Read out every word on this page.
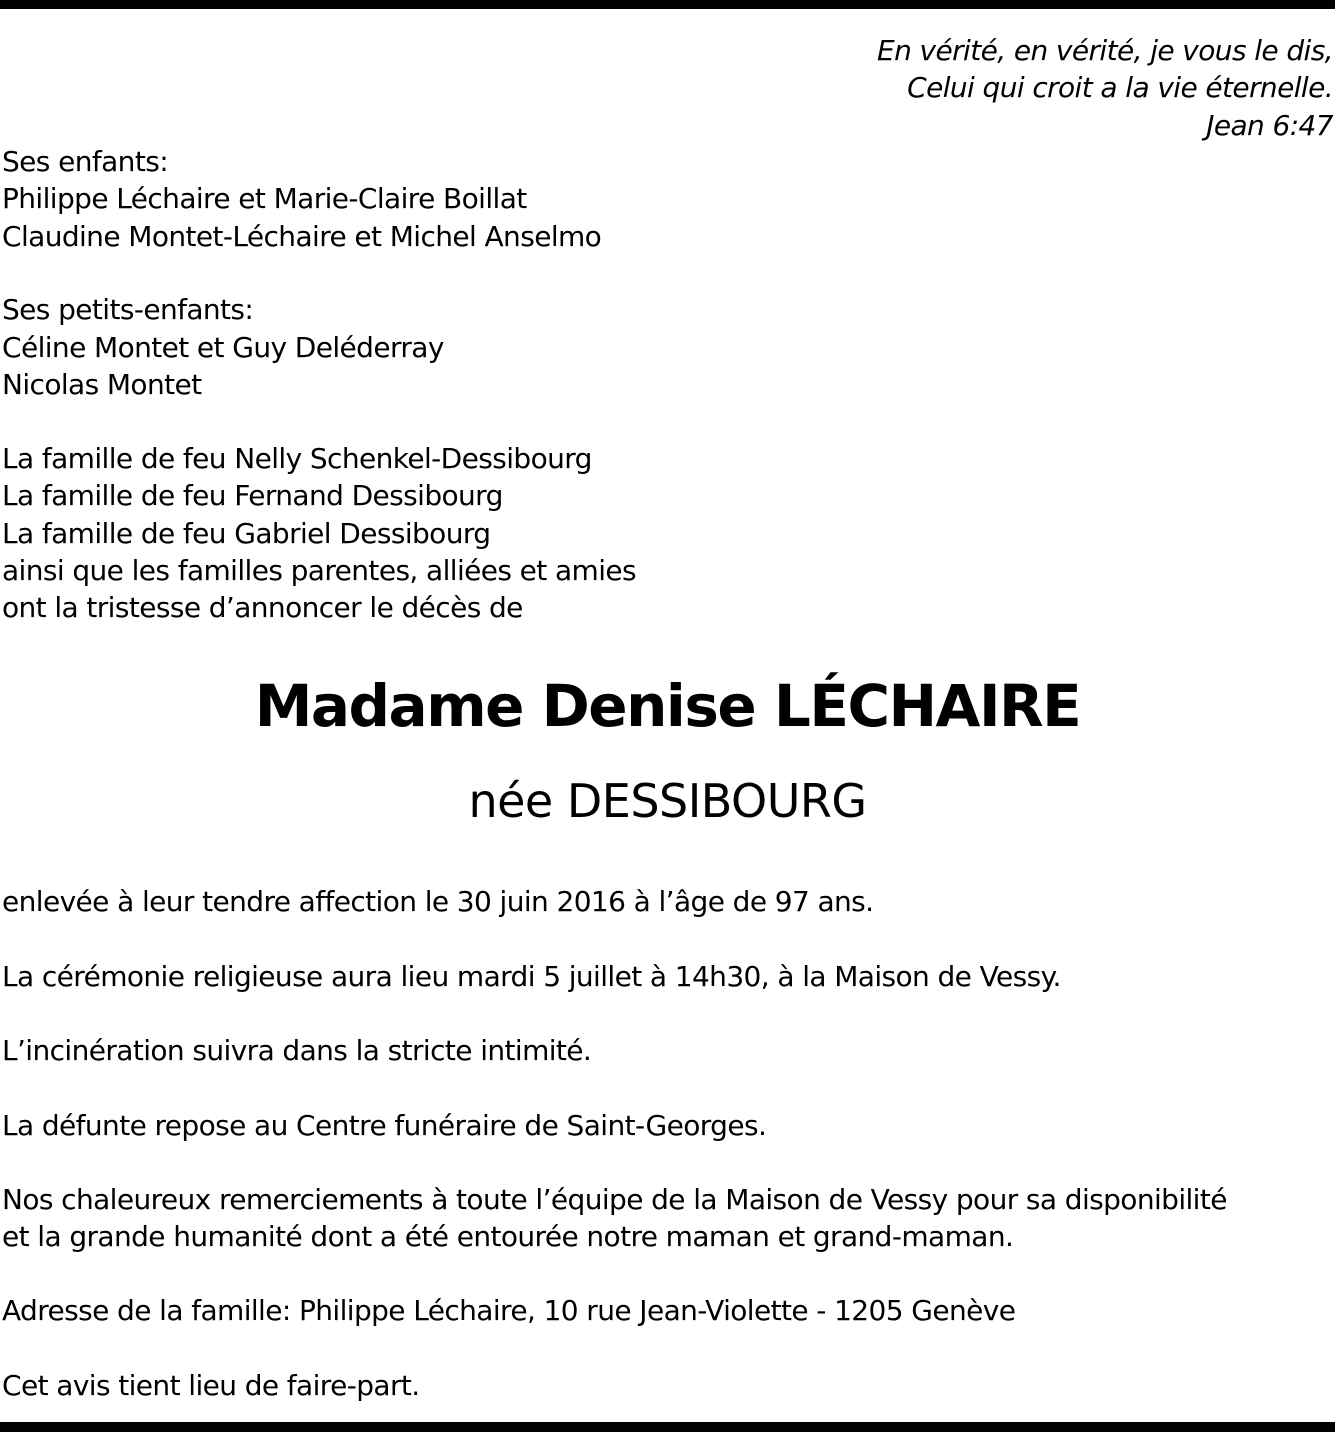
En vérité, en vérité, je vous le dis,

Celui qui croit a la vie éternelle.

Jean 6:47

Ses enfants:

Philippe Léchaire et Marie-Claire Boillat

Claudine Montet-Léchaire et Michel Anselmo

Ses petits-enfants:

Céline Montet et Guy Deléderray

Nicolas Montet

La famille de feu Nelly Schenkel-Dessibourg

La famille de feu Fernand Dessibourg

La famille de feu Gabriel Dessibourg

ainsi que les familles parentes, alliées et amies

ont la tristesse d’annoncer le décès de

Madame Denise LÉCHAIRE
née DESSIBOURG

enlevée à leur tendre affection le 30 juin 2016 à l’âge de 97 ans.

La cérémonie religieuse aura lieu mardi 5 juillet à 14h30, à la Maison de Vessy.

L’incinération suivra dans la stricte intimité.

La défunte repose au Centre funéraire de Saint-Georges.

Nos chaleureux remerciements à toute l’équipe de la Maison de Vessy pour sa disponibilité

et la grande humanité dont a été entourée notre maman et grand-maman.

Adresse de la famille: Philippe Léchaire, 10 rue Jean-Violette - 1205 Genève

Cet avis tient lieu de faire-part.
